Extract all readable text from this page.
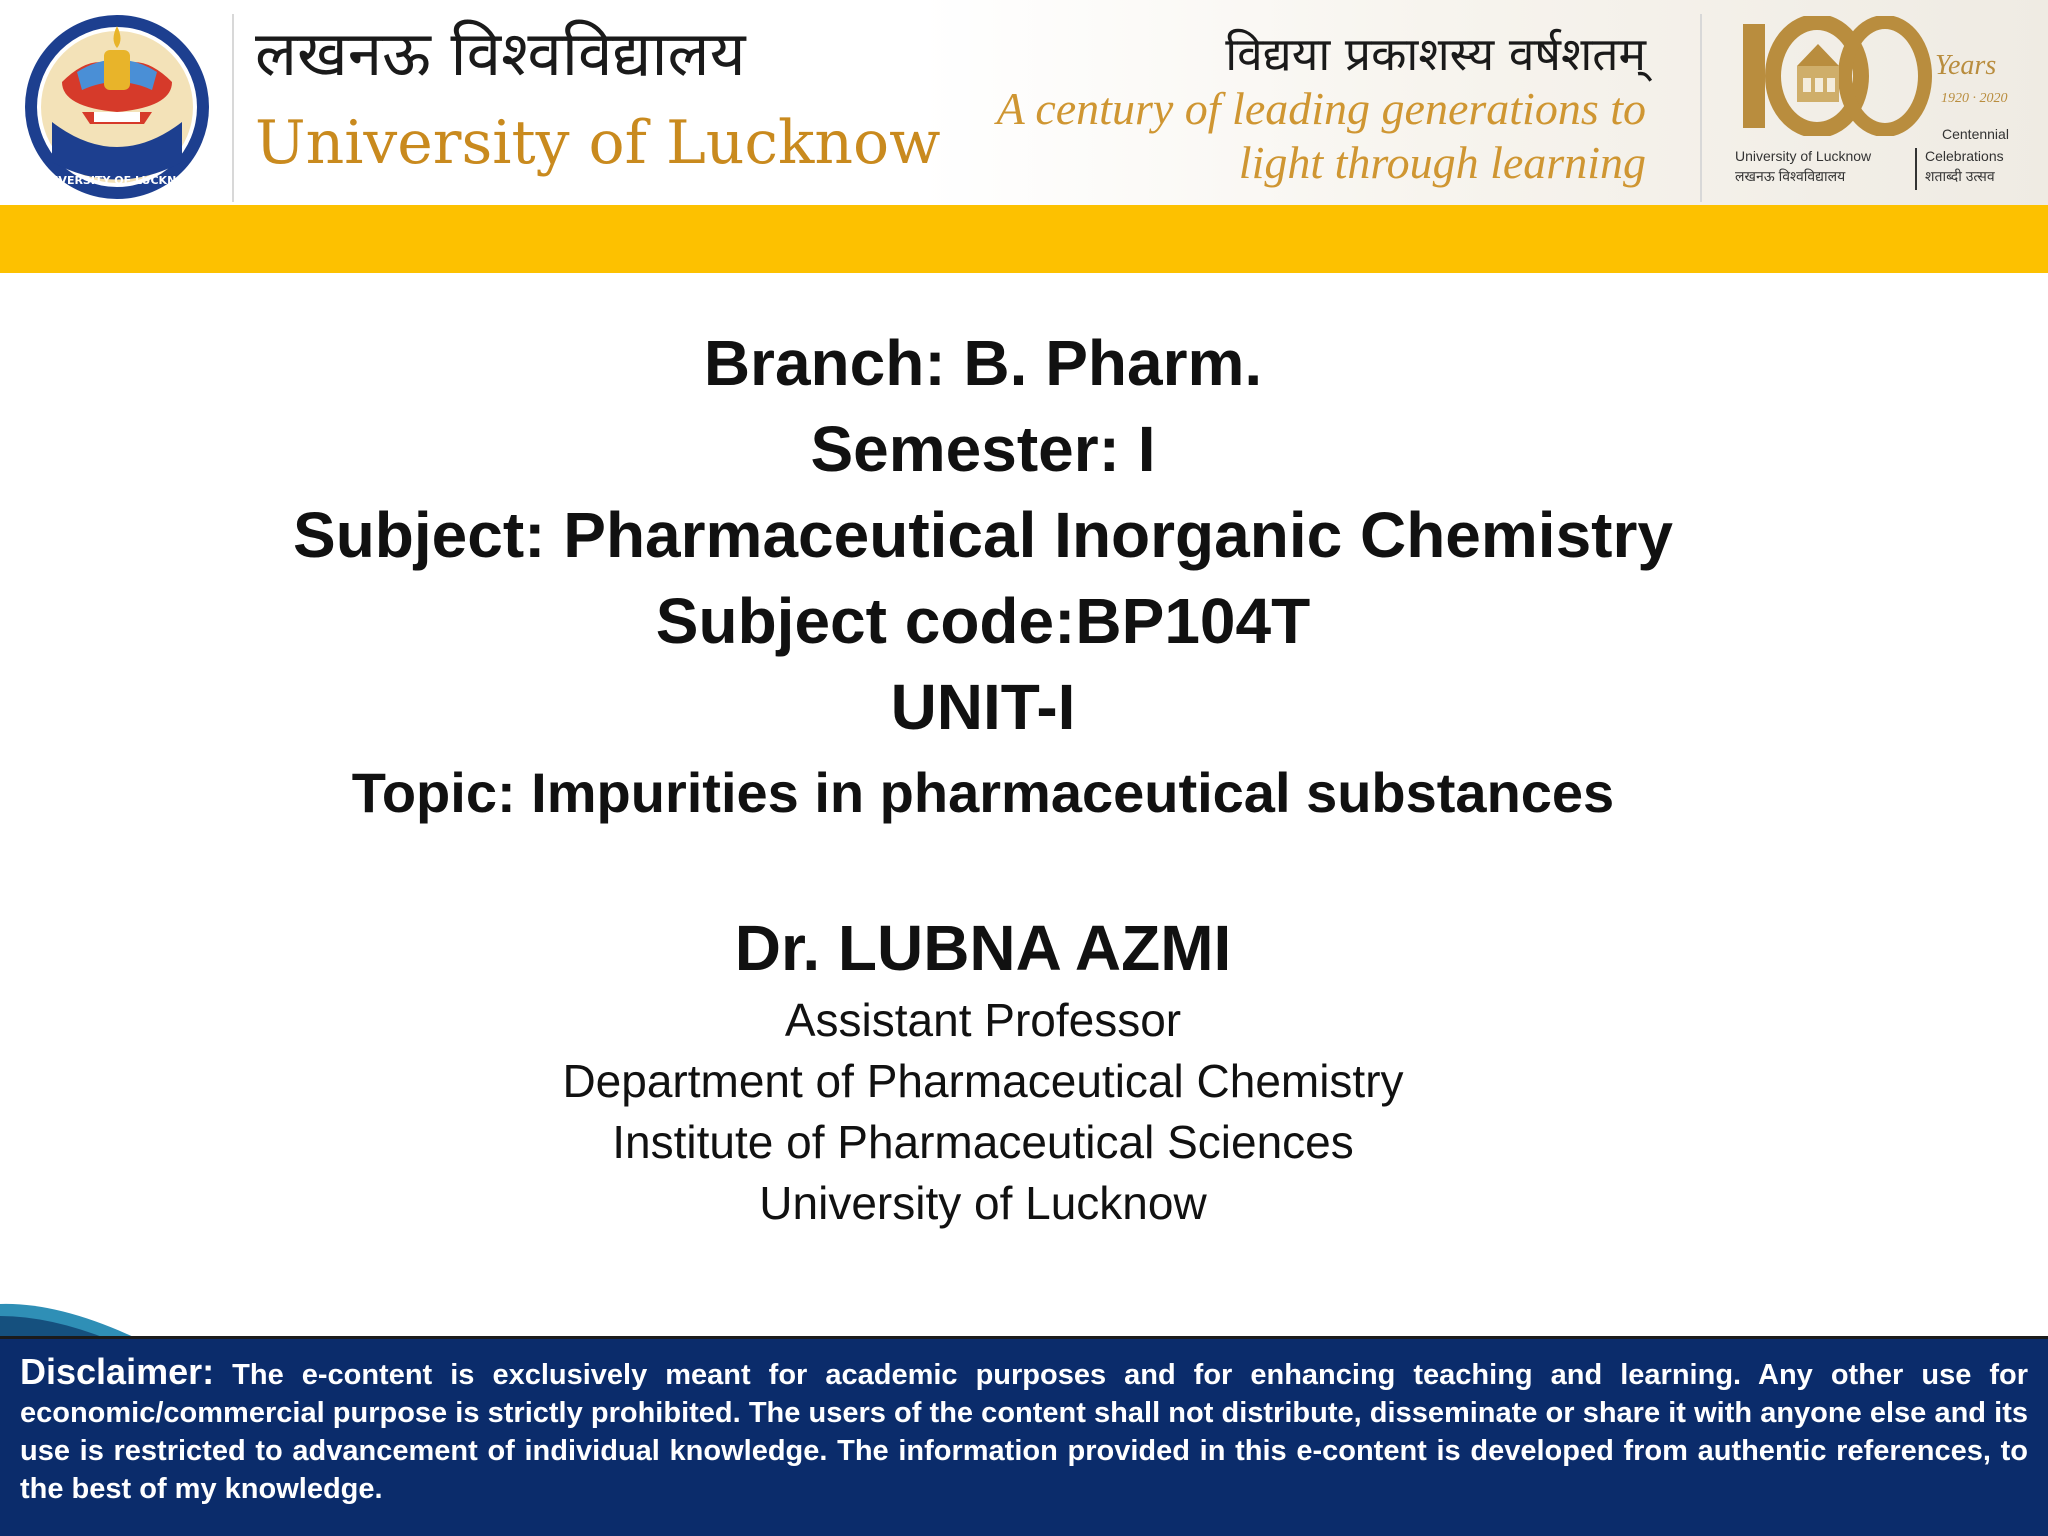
UNIVERSITY OF LUCKNOW
लखनऊ विश्वविद्यालय
University of Lucknow
विद्यया प्रकाशस्य वर्षशतम्
A century of leading generations to
light through learning
Years
1920 · 2020
Centennial
University of Lucknow
लखनऊ विश्वविद्यालय
Celebrations
शताब्दी उत्सव

Branch: B. Pharm.

Semester: I

Subject: Pharmaceutical Inorganic Chemistry

Subject code:BP104T

UNIT-I

Topic: Impurities in pharmaceutical substances

Dr. LUBNA AZMI

Assistant Professor

Department of Pharmaceutical Chemistry

Institute of Pharmaceutical Sciences

University of Lucknow

Disclaimer: The e-content is exclusively meant for academic purposes and for enhancing teaching and learning. Any other use for economic/commercial purpose is strictly prohibited. The users of the content shall not distribute, disseminate or share it with anyone else and its use is restricted to advancement of individual knowledge. The information provided in this e-content is developed from authentic references, to the best of my knowledge.
